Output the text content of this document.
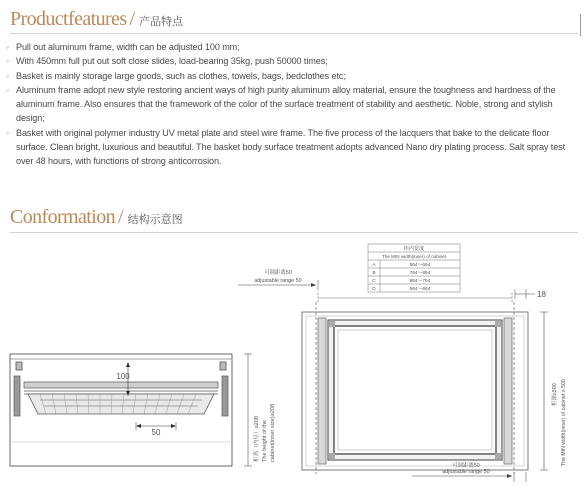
Productfeatures / 产品特点
◦ Pull out aluminum frame, width can be adjusted 100 mm;
◦ With 450mm full put out soft close slides, load-bearing 35kg, push 50000 times;
◦ Basket is mainly storage large goods, such as clothes, towels, bags, bedclothes etc;
◦ Aluminum frame adopt new style restoring ancient ways of high purity aluminum alloy material, ensure the toughness and hardness of the aluminum frame. Also ensures that the framework of the color of the surface treatment of stability and aesthetic. Noble, strong and stylish design;
◦ Basket with original polymer industry UV metal plate and steel wire frame. The five process of the lacquers that bake to the delicate floor surface. Clean bright, luxurious and beautiful. The basket body surface treatment adopts advanced Nano dry plating process. Salt spray test over 48 hours, with functions of strong anticorrosion.
Conformation / 结构示意图
100
50	柜高（内径）≥208 The height of the cabinet(inner size)≥208
柜内宽度
The MIN width(inner) of cabinet
A	564～664
B	764～864
C	864～764
D	564～664
可调距离50
adjustable range 50
18
可调距离50
adjustable range 50
柜深≥500 The MIN width(inner) of cabinet ≥ 500
